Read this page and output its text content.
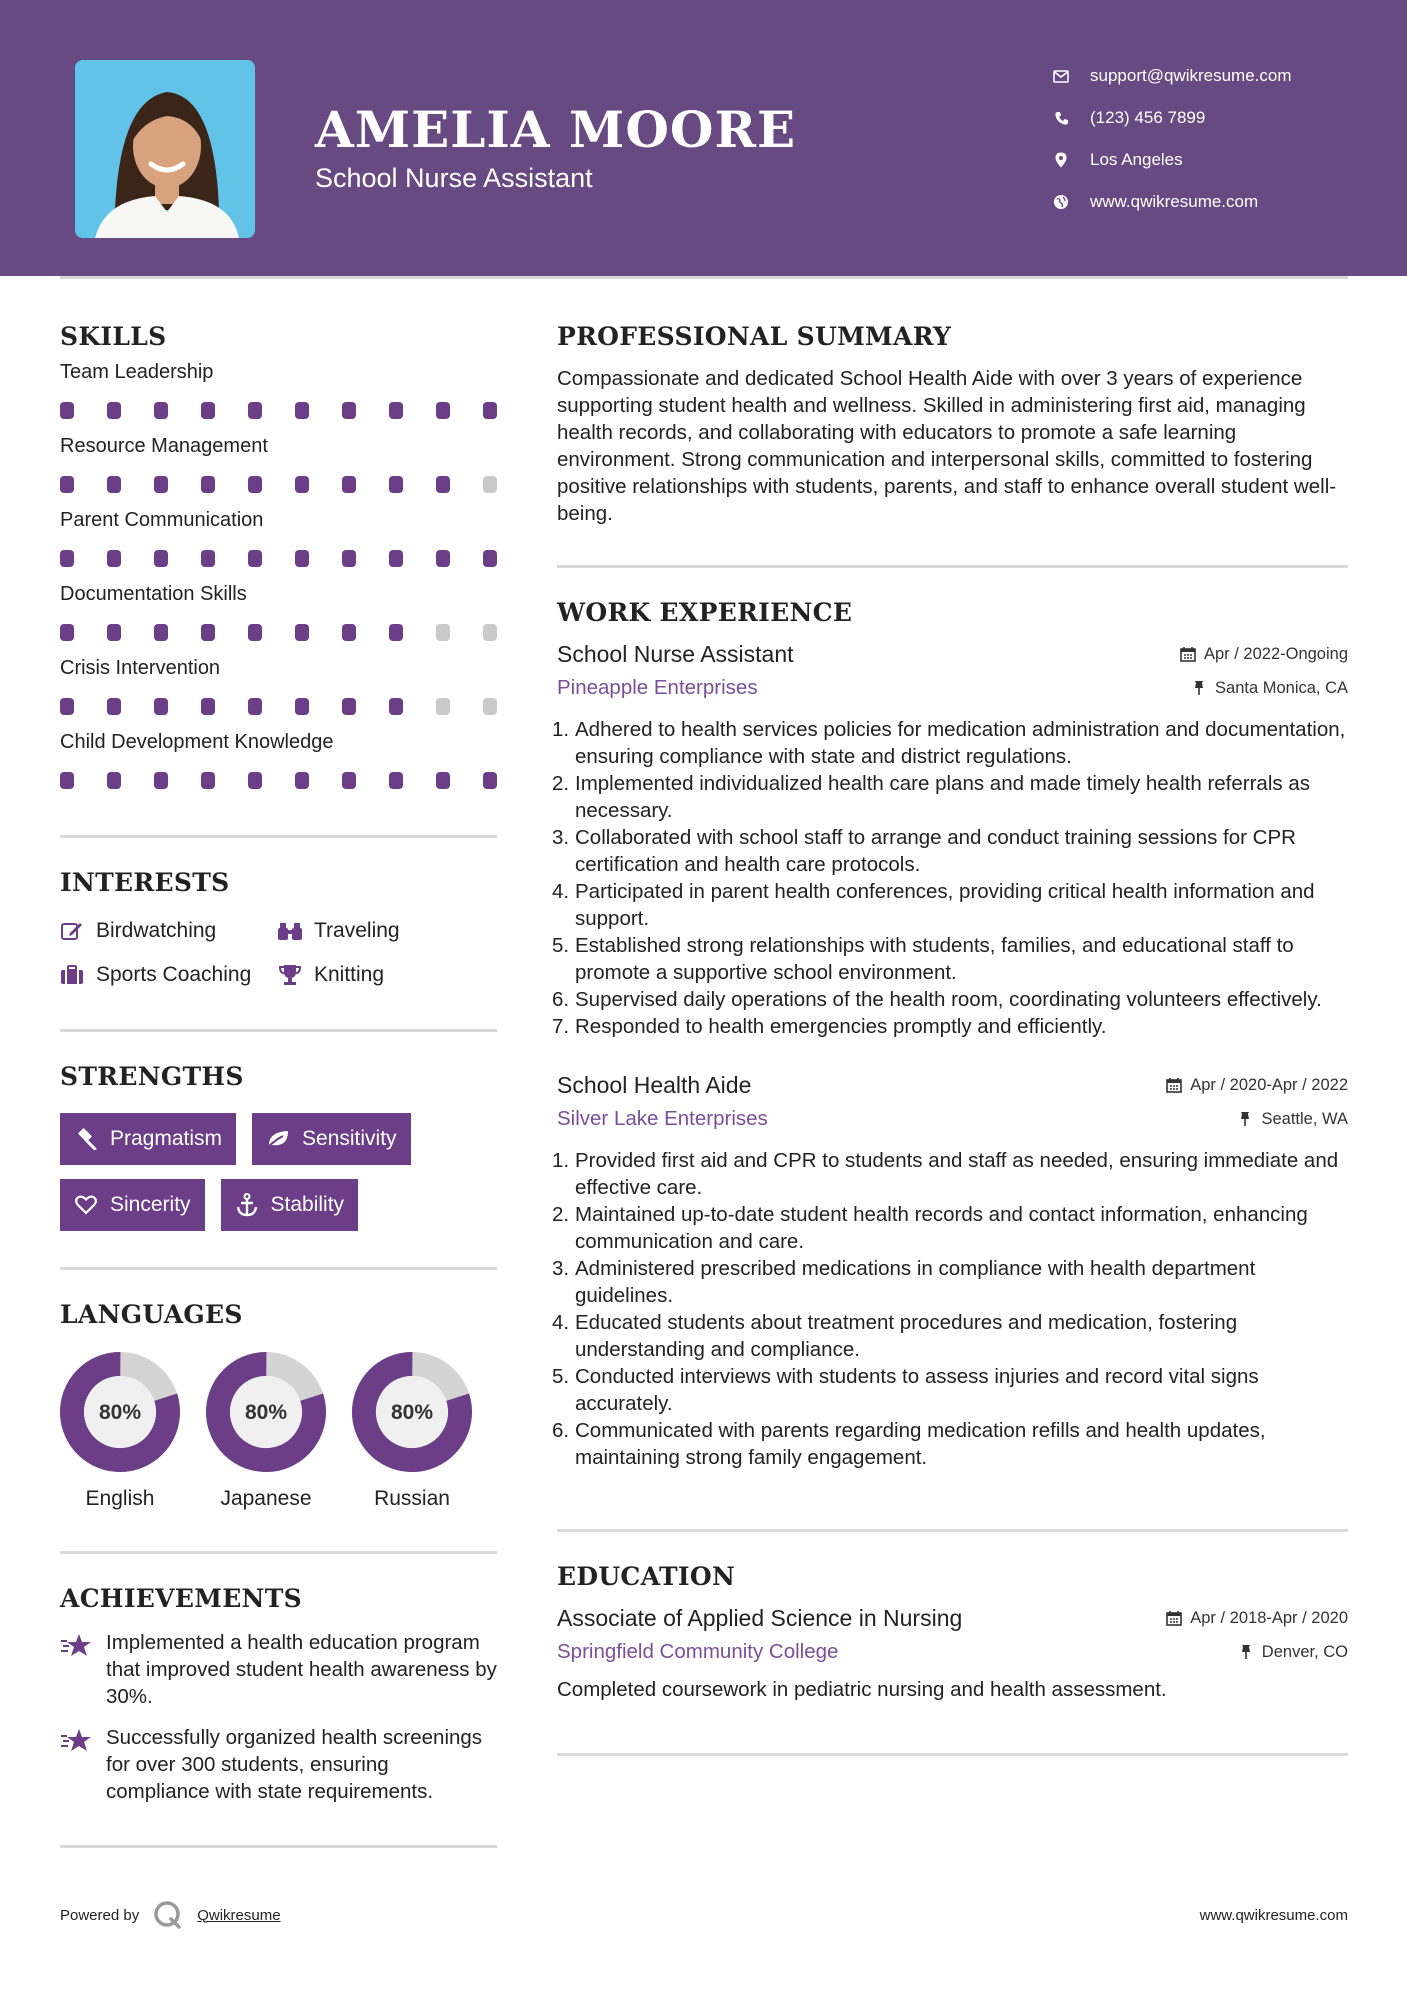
AMELIA MOORE
School Nurse Assistant
support@qwikresume.com
(123) 456 7899
Los Angeles
www.qwikresume.com
SKILLS
Team Leadership
Resource Management
Parent Communication
Documentation Skills
Crisis Intervention
Child Development Knowledge
INTERESTS
Birdwatching	Traveling
Sports Coaching	Knitting
STRENGTHS
Pragmatism	Sensitivity
Sincerity	Stability
LANGUAGES
80%
English
80%
Japanese
80%
Russian
ACHIEVEMENTS
Implemented a health education program that improved student health awareness by 30%.
Successfully organized health screenings for over 300 students, ensuring compliance with state requirements.
PROFESSIONAL SUMMARY
Compassionate and dedicated School Health Aide with over 3 years of experience supporting student health and wellness. Skilled in administering first aid, managing health records, and collaborating with educators to promote a safe learning environment. Strong communication and interpersonal skills, committed to fostering positive relationships with students, parents, and staff to enhance overall student well-being.
WORK EXPERIENCE
School Nurse Assistant	Apr / 2022-Ongoing
Pineapple Enterprises	Santa Monica, CA
Adhered to health services policies for medication administration and documentation, ensuring compliance with state and district regulations.
Implemented individualized health care plans and made timely health referrals as necessary.
Collaborated with school staff to arrange and conduct training sessions for CPR certification and health care protocols.
Participated in parent health conferences, providing critical health information and support.
Established strong relationships with students, families, and educational staff to promote a supportive school environment.
Supervised daily operations of the health room, coordinating volunteers effectively.
Responded to health emergencies promptly and efficiently.
School Health Aide	Apr / 2020-Apr / 2022
Silver Lake Enterprises	Seattle, WA
Provided first aid and CPR to students and staff as needed, ensuring immediate and effective care.
Maintained up-to-date student health records and contact information, enhancing communication and care.
Administered prescribed medications in compliance with health department guidelines.
Educated students about treatment procedures and medication, fostering understanding and compliance.
Conducted interviews with students to assess injuries and record vital signs accurately.
Communicated with parents regarding medication refills and health updates, maintaining strong family engagement.
EDUCATION
Associate of Applied Science in Nursing	Apr / 2018-Apr / 2020
Springfield Community College	Denver, CO
Completed coursework in pediatric nursing and health assessment.
Powered by	Qwikresume	www.qwikresume.com
